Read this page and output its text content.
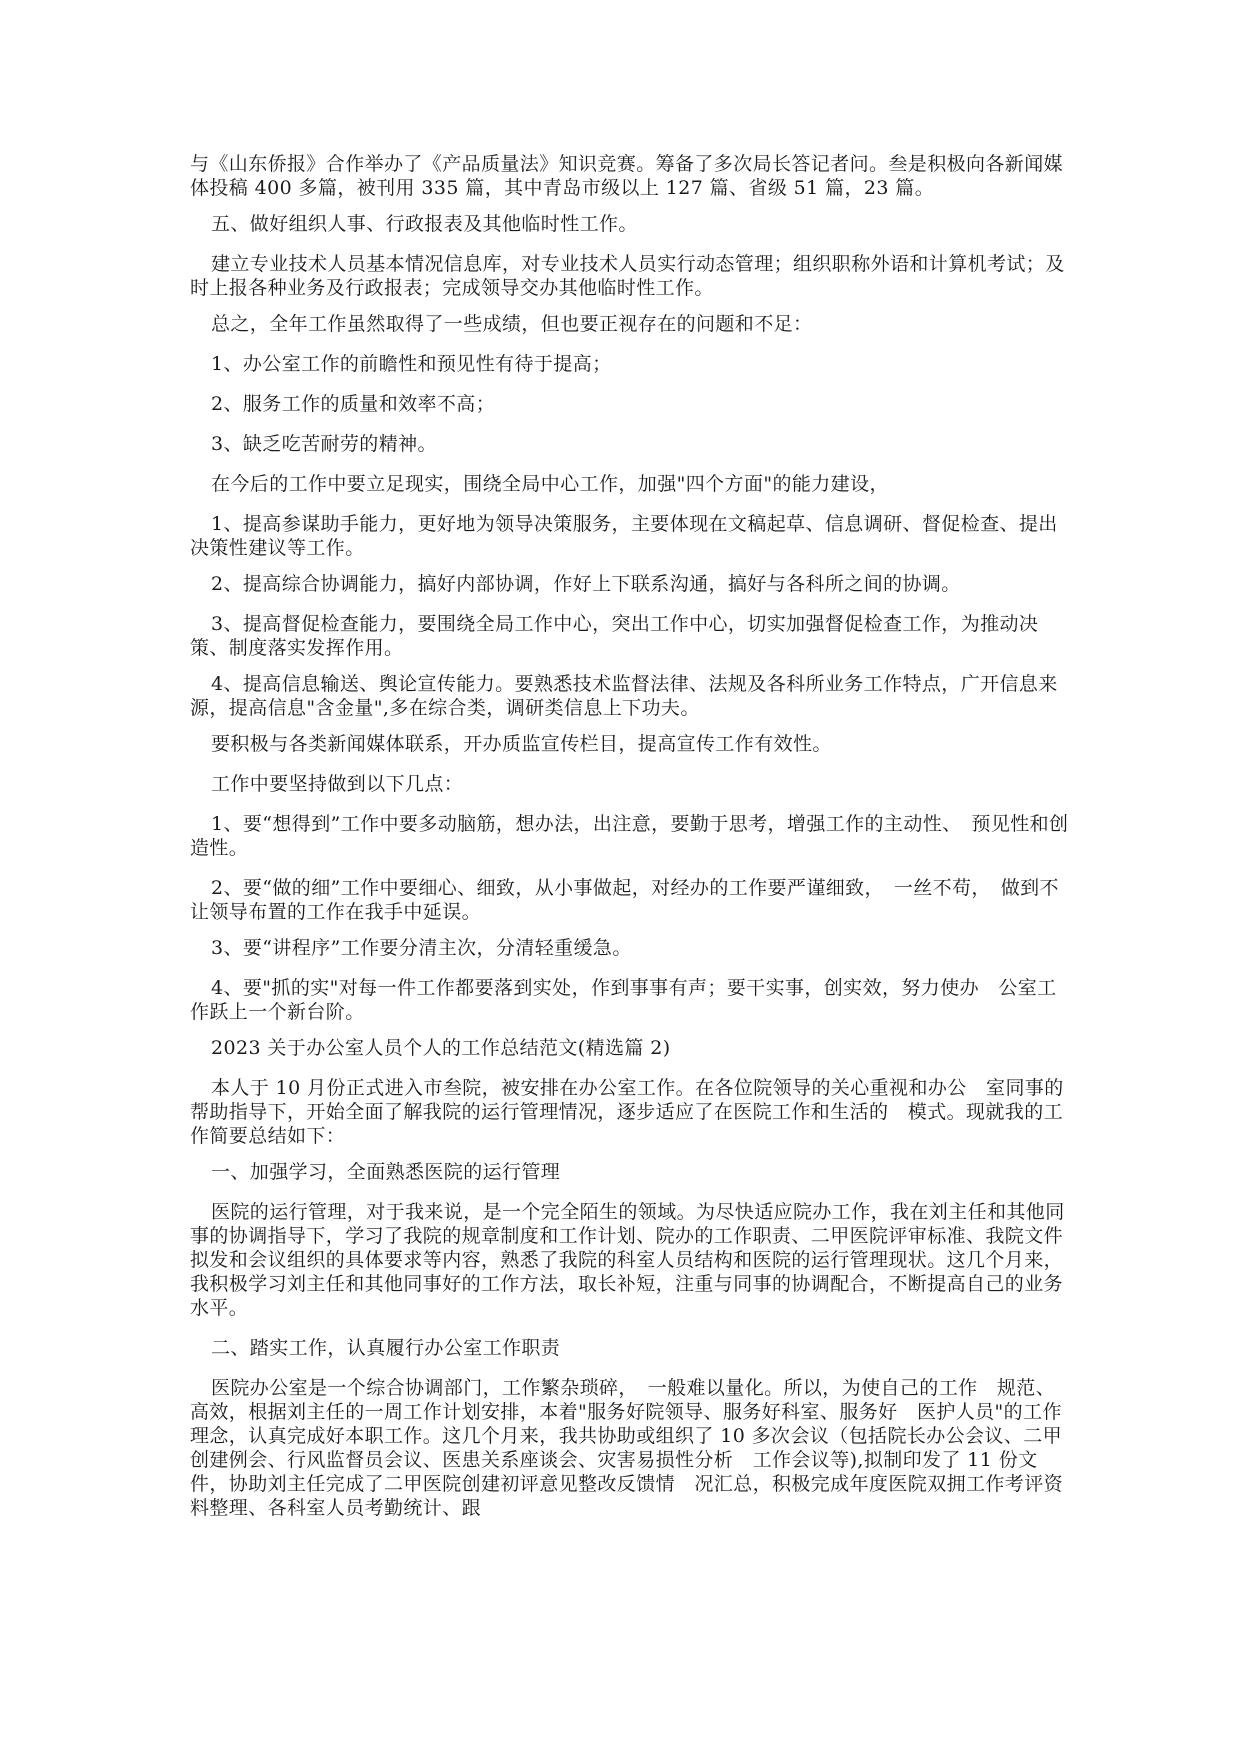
与《山东侨报》合作举办了《产品质量法》知识竞赛。筹备了多次局长答记者问。叁是积极向各新闻媒体投稿 400 多篇，被刊用 335 篇，其中青岛市级以上 127 篇、省级 51 篇，23 篇。

五、做好组织人事、行政报表及其他临时性工作。

建立专业技术人员基本情况信息库，对专业技术人员实行动态管理；组织职称外语和计算机考试；及时上报各种业务及行政报表；完成领导交办其他临时性工作。

总之，全年工作虽然取得了一些成绩，但也要正视存在的问题和不足：

1、办公室工作的前瞻性和预见性有待于提高；

2、服务工作的质量和效率不高；

3、缺乏吃苦耐劳的精神。

在今后的工作中要立足现实，围绕全局中心工作，加强"四个方面"的能力建设，

1、提高参谋助手能力，更好地为领导决策服务，主要体现在文稿起草、信息调研、督促检查、提出决策性建议等工作。

2、提高综合协调能力，搞好内部协调，作好上下联系沟通，搞好与各科所之间的协调。

3、提高督促检查能力，要围绕全局工作中心，突出工作中心，切实加强督促检查工作，为推动决策、制度落实发挥作用。

4、提高信息输送、舆论宣传能力。要熟悉技术监督法律、法规及各科所业务工作特点，广开信息来源，提高信息"含金量",多在综合类，调研类信息上下功夫。

要积极与各类新闻媒体联系，开办质监宣传栏目，提高宣传工作有效性。

工作中要坚持做到以下几点：

1、要“想得到”工作中要多动脑筋，想办法，出注意，要勤于思考，增强工作的主动性、　预见性和创造性。

2、要“做的细”工作中要细心、细致，从小事做起，对经办的工作要严谨细致，　一丝不苟，　做到不让领导布置的工作在我手中延误。

3、要“讲程序”工作要分清主次，分清轻重缓急。

4、要"抓的实"对每一件工作都要落到实处，作到事事有声；要干实事，创实效，努力使办　公室工作跃上一个新台阶。

2023 关于办公室人员个人的工作总结范文(精选篇 2)

本人于 10 月份正式进入市叁院，被安排在办公室工作。在各位院领导的关心重视和办公　室同事的帮助指导下，开始全面了解我院的运行管理情况，逐步适应了在医院工作和生活的　模式。现就我的工作简要总结如下：

一、加强学习，全面熟悉医院的运行管理

医院的运行管理，对于我来说，是一个完全陌生的领域。为尽快适应院办工作，我在刘主任和其他同事的协调指导下，学习了我院的规章制度和工作计划、院办的工作职责、二甲医院评审标准、我院文件拟发和会议组织的具体要求等内容，熟悉了我院的科室人员结构和医院的运行管理现状。这几个月来，我积极学习刘主任和其他同事好的工作方法，取长补短，注重与同事的协调配合，不断提高自己的业务水平。

二、踏实工作，认真履行办公室工作职责

医院办公室是一个综合协调部门，工作繁杂琐碎，　一般难以量化。所以，为使自己的工作　规范、高效，根据刘主任的一周工作计划安排，本着"服务好院领导、服务好科室、服务好　医护人员"的工作理念，认真完成好本职工作。这几个月来，我共协助或组织了 10 多次会议（包括院长办公会议、二甲创建例会、行风监督员会议、医患关系座谈会、灾害易损性分析　工作会议等),拟制印发了 11 份文件，协助刘主任完成了二甲医院创建初评意见整改反馈情　况汇总，积极完成年度医院双拥工作考评资料整理、各科室人员考勤统计、跟
